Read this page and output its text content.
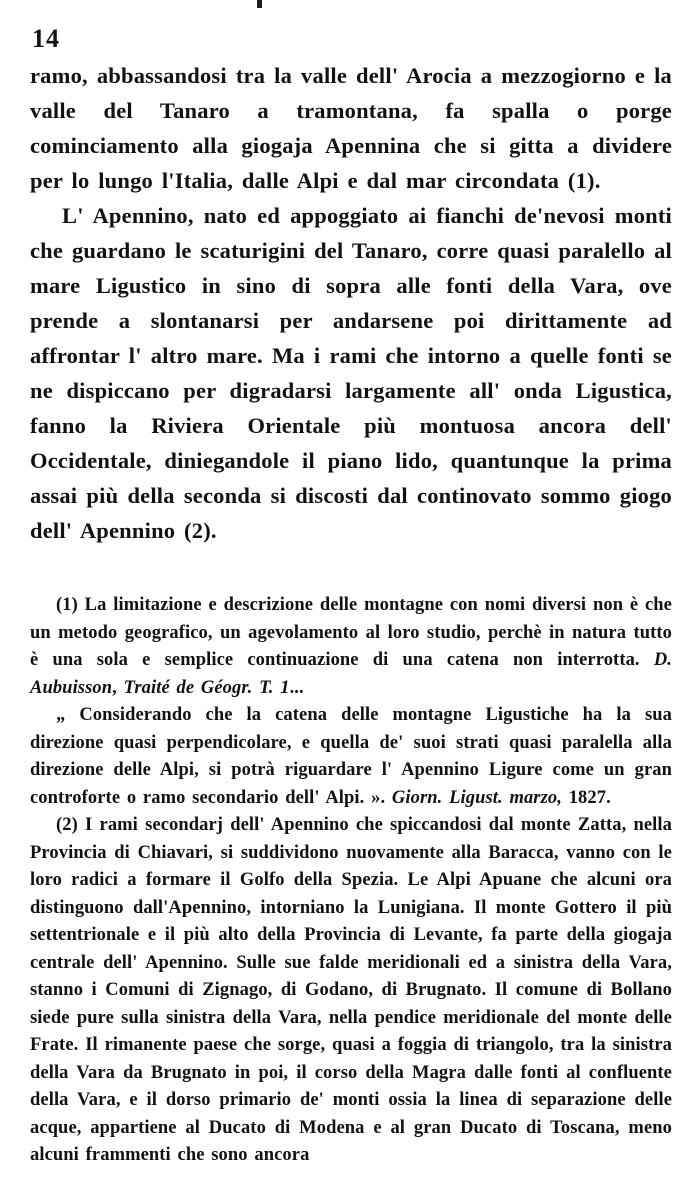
14

ramo, abbassandosi tra la valle dell' Arocia a mezzogiorno e la valle del Tanaro a tramontana, fa spalla o porge cominciamento alla giogaja Apennina che si gitta a dividere per lo lungo l'Italia, dalle Alpi e dal mar circondata (1).

L' Apennino, nato ed appoggiato ai fianchi de'nevosi monti che guardano le scaturigini del Tanaro, corre quasi paralello al mare Ligustico in sino di sopra alle fonti della Vara, ove prende a slontanarsi per andarsene poi dirittamente ad affrontar l' altro mare. Ma i rami che intorno a quelle fonti se ne dispiccano per digradarsi largamente all' onda Ligustica, fanno la Riviera Orientale più montuosa ancora dell' Occidentale, diniegandole il piano lido, quantunque la prima assai più della seconda si discosti dal continovato sommo giogo dell' Apennino (2).

(1) La limitazione e descrizione delle montagne con nomi diversi non è che un metodo geografico, un agevolamento al loro studio, perchè in natura tutto è una sola e semplice continuazione di una catena non interrotta. D. Aubuisson, Traité de Géogr. T. 1...

„ Considerando che la catena delle montagne Ligustiche ha la sua direzione quasi perpendicolare, e quella de' suoi strati quasi paralella alla direzione delle Alpi, si potrà riguardare l' Apennino Ligure come un gran controforte o ramo secondario dell' Alpi. ». Giorn. Ligust. marzo, 1827.

(2) I rami secondarj dell' Apennino che spiccandosi dal monte Zatta, nella Provincia di Chiavari, si suddividono nuovamente alla Baracca, vanno con le loro radici a formare il Golfo della Spezia. Le Alpi Apuane che alcuni ora distinguono dall'Apennino, intorniano la Lunigiana. Il monte Gottero il più settentrionale e il più alto della Provincia di Levante, fa parte della giogaja centrale dell' Apennino. Sulle sue falde meridionali ed a sinistra della Vara, stanno i Comuni di Zignago, di Godano, di Brugnato. Il comune di Bollano siede pure sulla sinistra della Vara, nella pendice meridionale del monte delle Frate. Il rimanente paese che sorge, quasi a foggia di triangolo, tra la sinistra della Vara da Brugnato in poi, il corso della Magra dalle fonti al confluente della Vara, e il dorso primario de' monti ossia la linea di separazione delle acque, appartiene al Ducato di Modena e al gran Ducato di Toscana, meno alcuni frammenti che sono ancora
